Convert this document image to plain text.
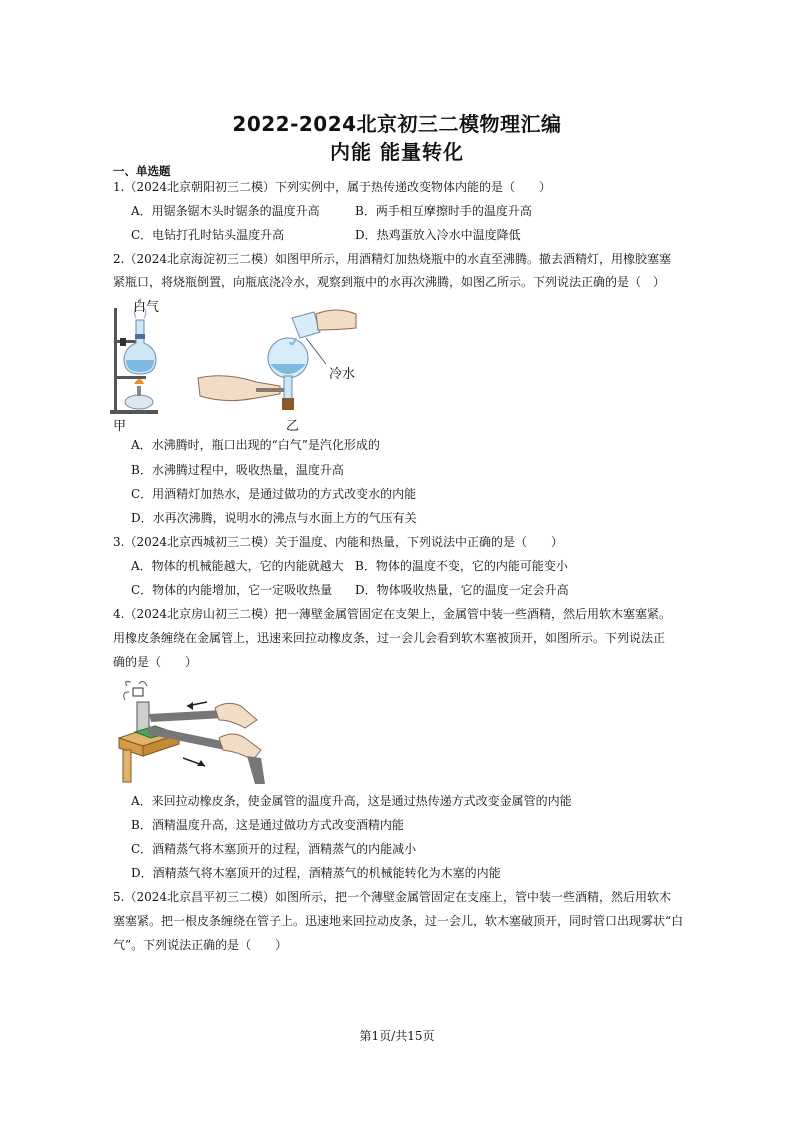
2022-2024北京初三二模物理汇编
内能 能量转化
一、单选题
1.（2024北京朝阳初三二模）下列实例中，属于热传递改变物体内能的是（　　）
A．用锯条锯木头时锯条的温度升高	B．两手相互摩擦时手的温度升高
C．电钻打孔时钻头温度升高	D．热鸡蛋放入冷水中温度降低
2.（2024北京海淀初三二模）如图甲所示，用酒精灯加热烧瓶中的水直至沸腾。撤去酒精灯，用橡胶塞塞
紧瓶口，将烧瓶倒置，向瓶底浇冷水，观察到瓶中的水再次沸腾，如图乙所示。下列说法正确的是（　）
白气
甲
冷水
乙
A．水沸腾时，瓶口出现的“白气”是汽化形成的
B．水沸腾过程中，吸收热量，温度升高
C．用酒精灯加热水，是通过做功的方式改变水的内能
D．水再次沸腾，说明水的沸点与水面上方的气压有关
3.（2024北京西城初三二模）关于温度、内能和热量，下列说法中正确的是（　　）
A．物体的机械能越大，它的内能就越大 B．物体的温度不变，它的内能可能变小
C．物体的内能增加，它一定吸收热量 D．物体吸收热量，它的温度一定会升高
4.（2024北京房山初三二模）把一薄壁金属管固定在支架上，金属管中装一些酒精，然后用软木塞塞紧。
用橡皮条缠绕在金属管上，迅速来回拉动橡皮条，过一会儿会看到软木塞被顶开，如图所示。下列说法正
确的是（　　）
A．来回拉动橡皮条，使金属管的温度升高，这是通过热传递方式改变金属管的内能
B．酒精温度升高，这是通过做功方式改变酒精内能
C．酒精蒸气将木塞顶开的过程，酒精蒸气的内能减小
D．酒精蒸气将木塞顶开的过程，酒精蒸气的机械能转化为木塞的内能
5.（2024北京昌平初三二模）如图所示，把一个薄壁金属管固定在支座上，管中装一些酒精，然后用软木
塞塞紧。把一根皮条缠绕在管子上。迅速地来回拉动皮条，过一会儿，软木塞破顶开，同时管口出现雾状“白
气”。下列说法正确的是（　　）
第1页/共15页
